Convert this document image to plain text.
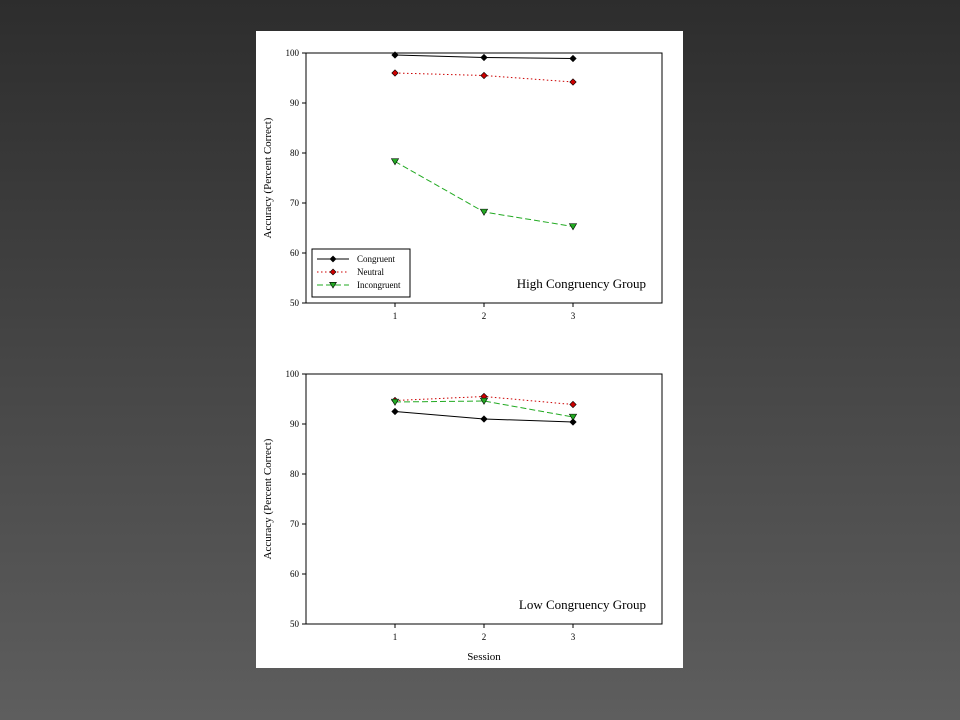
50
60
70
80
90
100
1	2	3
Accuracy (Percent Correct)
High Congruency Group
Congruent
Neutral
Incongruent
50
60
70
80
90
100
1	2	3
Accuracy (Percent Correct)
Session
Low Congruency Group
